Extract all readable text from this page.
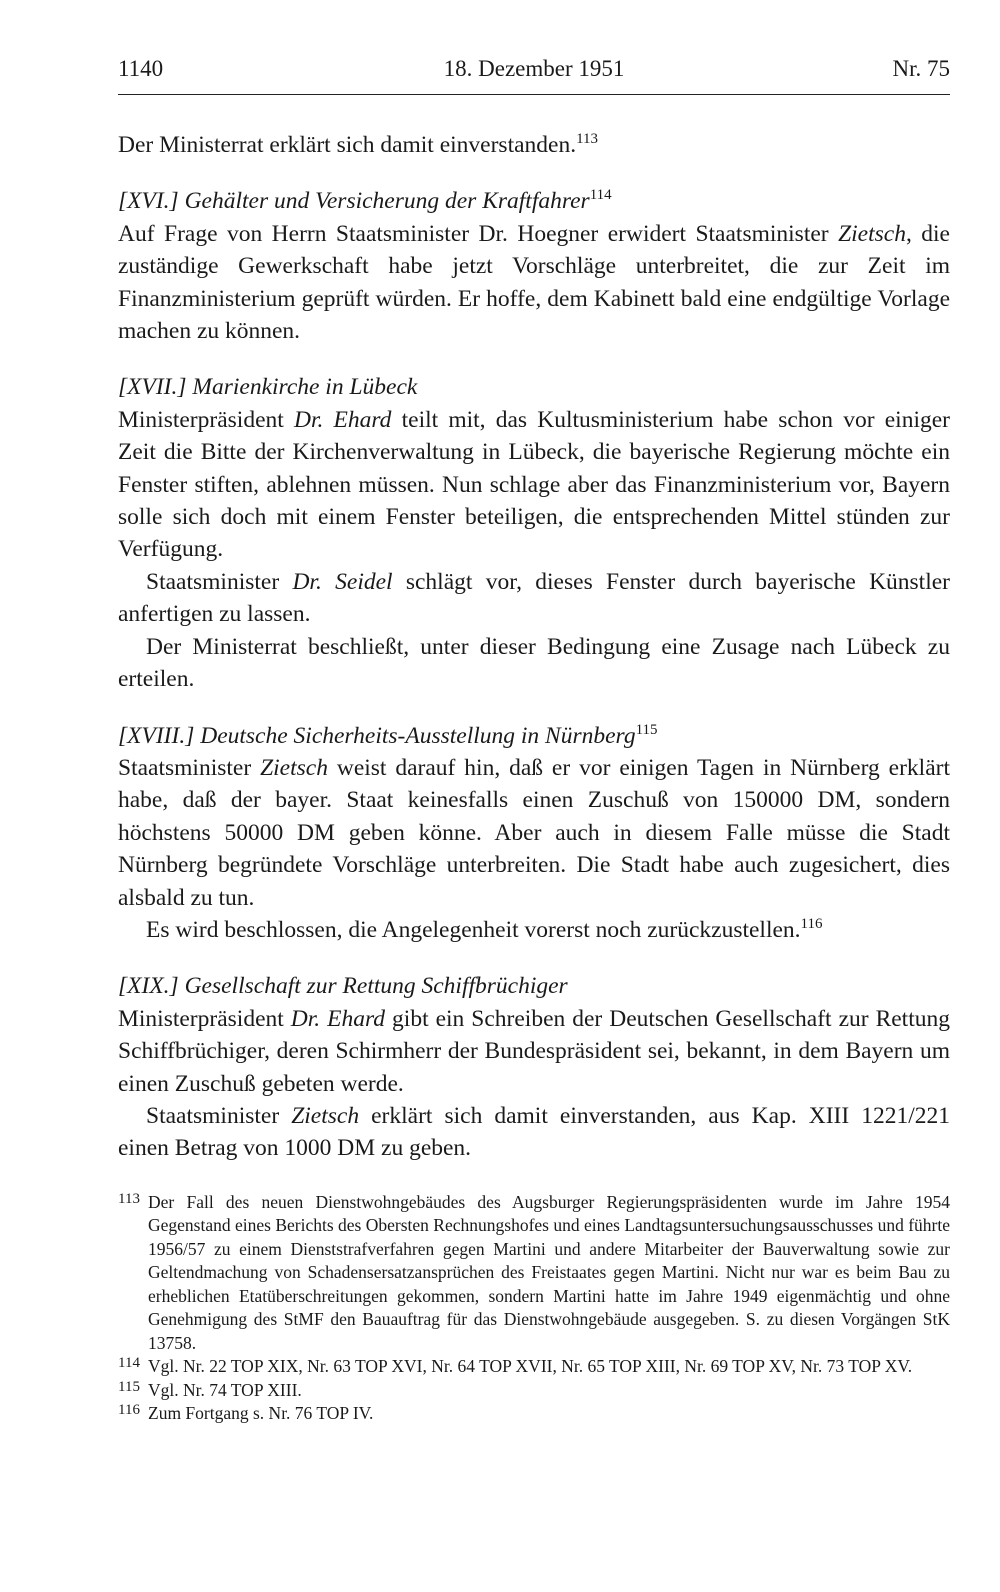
1140	18. Dezember 1951	Nr. 75

Der Ministerrat erklärt sich damit einverstanden.$^{113}$

[XVI.] Gehälter und Versicherung der Kraftfahrer$^{114}$

Auf Frage von Herrn Staatsminister Dr. Hoegner erwidert Staatsminister Zietsch, die zuständige Gewerkschaft habe jetzt Vorschläge unterbreitet, die zur Zeit im Finanzministerium geprüft würden. Er hoffe, dem Kabinett bald eine endgültige Vorlage machen zu können.

[XVII.] Marienkirche in Lübeck

Ministerpräsident Dr. Ehard teilt mit, das Kultusministerium habe schon vor einiger Zeit die Bitte der Kirchenverwaltung in Lübeck, die bayerische Regierung möchte ein Fenster stiften, ablehnen müssen. Nun schlage aber das Finanzministerium vor, Bayern solle sich doch mit einem Fenster beteiligen, die entsprechenden Mittel stünden zur Verfügung.

Staatsminister Dr. Seidel schlägt vor, dieses Fenster durch bayerische Künstler anfertigen zu lassen.

Der Ministerrat beschließt, unter dieser Bedingung eine Zusage nach Lübeck zu erteilen.

[XVIII.] Deutsche Sicherheits-Ausstellung in Nürnberg$^{115}$

Staatsminister Zietsch weist darauf hin, daß er vor einigen Tagen in Nürnberg erklärt habe, daß der bayer. Staat keinesfalls einen Zuschuß von 150000 DM, sondern höchstens 50000 DM geben könne. Aber auch in diesem Falle müsse die Stadt Nürnberg begründete Vorschläge unterbreiten. Die Stadt habe auch zugesichert, dies alsbald zu tun.

Es wird beschlossen, die Angelegenheit vorerst noch zurückzustellen.$^{116}$

[XIX.] Gesellschaft zur Rettung Schiffbrüchiger

Ministerpräsident Dr. Ehard gibt ein Schreiben der Deutschen Gesellschaft zur Rettung Schiffbrüchiger, deren Schirmherr der Bundespräsident sei, bekannt, in dem Bayern um einen Zuschuß gebeten werde.

Staatsminister Zietsch erklärt sich damit einverstanden, aus Kap. XIII 1221/221 einen Betrag von 1000 DM zu geben.

113 Der Fall des neuen Dienstwohngebäudes des Augsburger Regierungspräsidenten wurde im Jahre 1954 Gegenstand eines Berichts des Obersten Rechnungshofes und eines Landtagsuntersuchungsausschusses und führte 1956/57 zu einem Dienststrafverfahren gegen Martini und andere Mitarbeiter der Bauverwaltung sowie zur Geltendmachung von Schadensersatzansprüchen des Freistaates gegen Martini. Nicht nur war es beim Bau zu erheblichen Etatüberschreitungen gekommen, sondern Martini hatte im Jahre 1949 eigenmächtig und ohne Genehmigung des StMF den Bauauftrag für das Dienstwohngebäude ausgegeben. S. zu diesen Vorgängen StK 13758.

114 Vgl. Nr. 22 TOP XIX, Nr. 63 TOP XVI, Nr. 64 TOP XVII, Nr. 65 TOP XIII, Nr. 69 TOP XV, Nr. 73 TOP XV.

115 Vgl. Nr. 74 TOP XIII.

116 Zum Fortgang s. Nr. 76 TOP IV.
